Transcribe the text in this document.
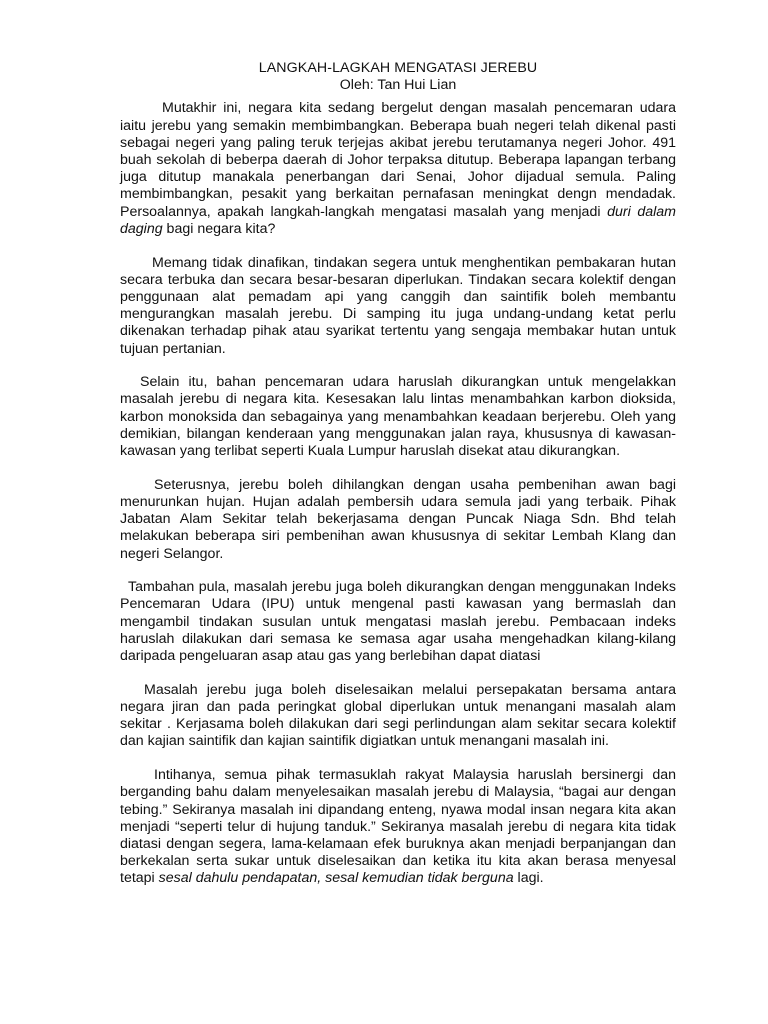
LANGKAH-LAGKAH MENGATASI JEREBU

Oleh: Tan Hui Lian

Mutakhir ini, negara kita sedang bergelut dengan masalah pencemaran udara iaitu jerebu yang semakin membimbangkan. Beberapa buah negeri telah dikenal pasti sebagai negeri yang paling teruk terjejas akibat jerebu terutamanya negeri Johor. 491 buah sekolah di beberpa daerah di Johor terpaksa ditutup. Beberapa lapangan terbang juga ditutup manakala penerbangan dari Senai, Johor dijadual semula. Paling membimbangkan, pesakit yang berkaitan pernafasan meningkat dengn mendadak. Persoalannya, apakah langkah-langkah mengatasi masalah yang menjadi duri dalam daging bagi negara kita?

Memang tidak dinafikan, tindakan segera untuk menghentikan pembakaran hutan secara terbuka dan secara besar-besaran diperlukan. Tindakan secara kolektif dengan penggunaan alat pemadam api yang canggih dan saintifik boleh membantu mengurangkan masalah jerebu. Di samping itu juga undang-undang ketat perlu dikenakan terhadap pihak atau syarikat tertentu yang sengaja membakar hutan untuk tujuan pertanian.

Selain itu, bahan pencemaran udara haruslah dikurangkan untuk mengelakkan masalah jerebu di negara kita. Kesesakan lalu lintas menambahkan karbon dioksida, karbon monoksida dan sebagainya yang menambahkan keadaan berjerebu. Oleh yang demikian, bilangan kenderaan yang menggunakan jalan raya, khususnya di kawasan-kawasan yang terlibat seperti Kuala Lumpur haruslah disekat atau dikurangkan.

Seterusnya, jerebu boleh dihilangkan dengan usaha pembenihan awan bagi menurunkan hujan. Hujan adalah pembersih udara semula jadi yang terbaik. Pihak Jabatan Alam Sekitar telah bekerjasama dengan Puncak Niaga Sdn. Bhd telah melakukan beberapa siri pembenihan awan khususnya di sekitar Lembah Klang dan negeri Selangor.

Tambahan pula, masalah jerebu juga boleh dikurangkan dengan menggunakan Indeks Pencemaran Udara (IPU) untuk mengenal pasti kawasan yang bermaslah dan mengambil tindakan susulan untuk mengatasi maslah jerebu. Pembacaan indeks haruslah dilakukan dari semasa ke semasa agar usaha mengehadkan kilang-kilang daripada pengeluaran asap atau gas yang berlebihan dapat diatasi

Masalah jerebu juga boleh diselesaikan melalui persepakatan bersama antara negara jiran dan pada peringkat global diperlukan untuk menangani masalah alam sekitar . Kerjasama boleh dilakukan dari segi perlindungan alam sekitar secara kolektif dan kajian saintifik dan kajian saintifik digiatkan untuk menangani masalah ini.

Intihanya, semua pihak termasuklah rakyat Malaysia haruslah bersinergi dan berganding bahu dalam menyelesaikan masalah jerebu di Malaysia, “bagai aur dengan tebing.” Sekiranya masalah ini dipandang enteng, nyawa modal insan negara kita akan menjadi “seperti telur di hujung tanduk.” Sekiranya masalah jerebu di negara kita tidak diatasi dengan segera, lama-kelamaan efek buruknya akan menjadi berpanjangan dan berkekalan serta sukar untuk diselesaikan dan ketika itu kita akan berasa menyesal tetapi sesal dahulu pendapatan, sesal kemudian tidak berguna lagi.
